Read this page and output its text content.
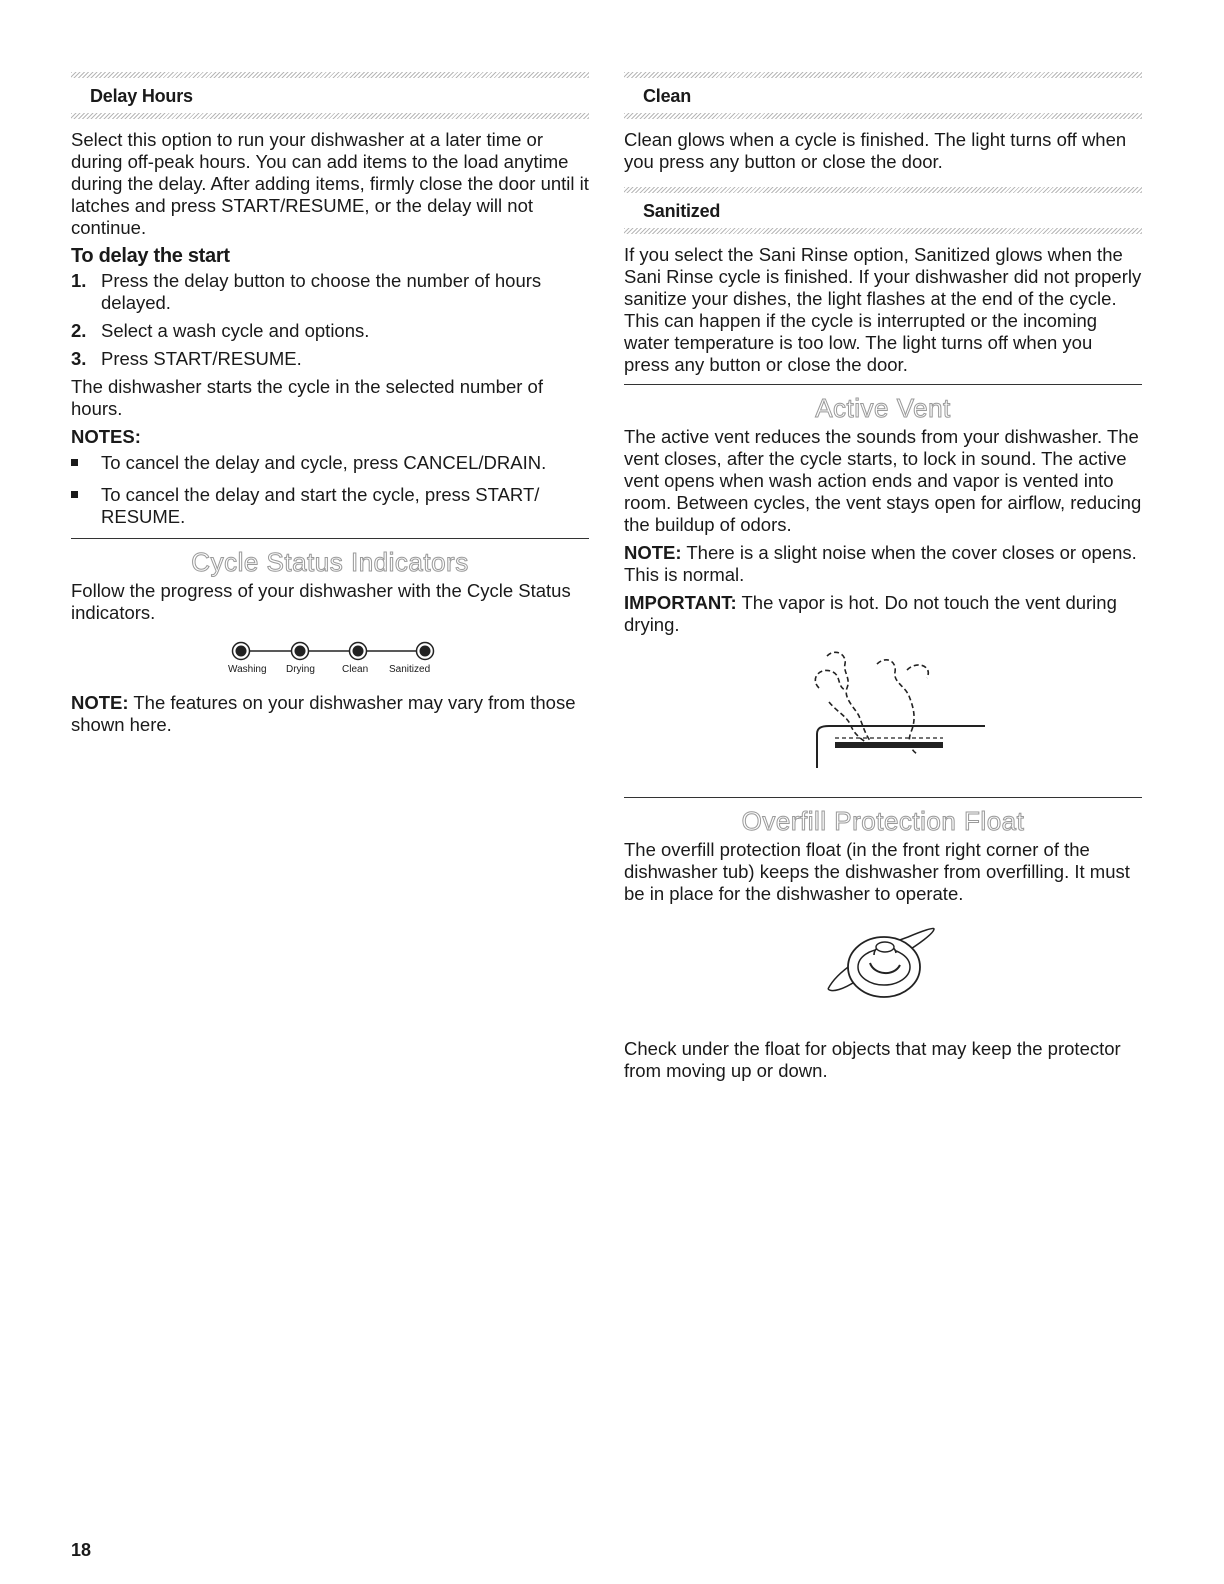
Delay Hours

Select this option to run your dishwasher at a later time or during off-peak hours. You can add items to the load anytime during the delay. After adding items, firmly close the door until it latches and press START/RESUME, or the delay will not continue.

To delay the start
1. Press the delay button to choose the number of hours delayed.
2. Select a wash cycle and options.
3. Press START/RESUME.

The dishwasher starts the cycle in the selected number of hours.

NOTES:
To cancel the delay and cycle, press CANCEL/DRAIN.
To cancel the delay and start the cycle, press START/ RESUME.
Cycle Status Indicators

Follow the progress of your dishwasher with the Cycle Status indicators.

Washing Drying	Clean Sanitized

NOTE: The features on your dishwasher may vary from those shown here.

Clean

Clean glows when a cycle is finished. The light turns off when you press any button or close the door.

Sanitized

If you select the Sani Rinse option, Sanitized glows when the Sani Rinse cycle is finished. If your dishwasher did not properly sanitize your dishes, the light flashes at the end of the cycle. This can happen if the cycle is interrupted or the incoming water temperature is too low. The light turns off when you press any button or close the door.

Active Vent

The active vent reduces the sounds from your dishwasher. The vent closes, after the cycle starts, to lock in sound. The active vent opens when wash action ends and vapor is vented into room. Between cycles, the vent stays open for airflow, reducing the buildup of odors.

NOTE: There is a slight noise when the cover closes or opens. This is normal.

IMPORTANT: The vapor is hot. Do not touch the vent during drying.

Overfill Protection Float

The overfill protection float (in the front right corner of the dishwasher tub) keeps the dishwasher from overfilling. It must be in place for the dishwasher to operate.

Check under the float for objects that may keep the protector from moving up or down.

18
